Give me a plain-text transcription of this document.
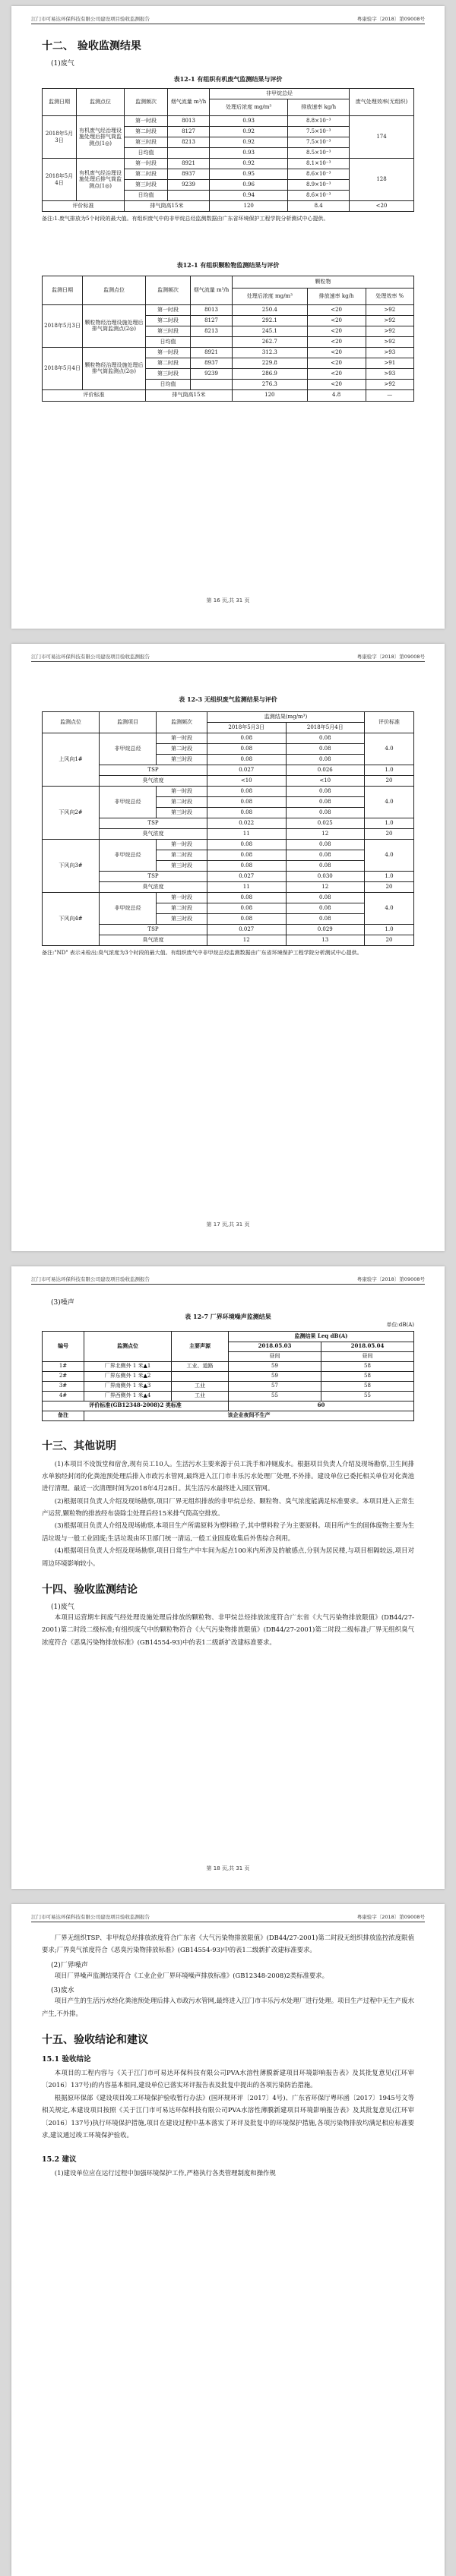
江门市可易达环保科技有限公司建设项目验收监测报告	粤康验字〔2018〕第09008号
十二、 验收监测结果

(1)废气

表12-1 有组织有机废气监测结果与评价

监测日期	监测点位	监测频次	烟气流量 m³/h	非甲烷总烃		废气处理效率(无组织)
				处理后浓度 mg/m³	排放速率 kg/h	
2018年5月3日	有机废气经治理设施处理后排气筒监测点(1◎)	第一时段	8013	0.93	8.8×10⁻³	174
		第二时段	8127	0.92	7.5×10⁻³	
		第三时段	8213	0.92	7.5×10⁻³	
		日均值		0.93	8.5×10⁻³	
2018年5月4日	有机废气经治理设施处理后排气筒监测点(1◎)	第一时段	8921	0.92	8.1×10⁻³	128
		第二时段	8937	0.95	8.6×10⁻³	
		第三时段	9239	0.96	8.9×10⁻³	
		日均值		0.94	8.6×10⁻³	
评价标准		排气筒高15米		120	8.4	<20

备注:1.废气排放为5个时段的最大值。有组织废气中的非甲烷总烃监测数据由广东省环境保护工程学院分析测试中心提供。

表12-1 有组织颗粒物监测结果与评价

监测日期	监测点位	监测频次	烟气流量 m³/h	颗粒物		
				处理后浓度 mg/m³	排放速率 kg/h	处理效率 %
2018年5月3日	颗粒物经治理设施处理后排气筒监测点(2◎)	第一时段	8013	250.4	<20	>92
		第二时段	8127	292.1	<20	>92
		第三时段	8213	245.1	<20	>92
		日均值		262.7	<20	>92
2018年5月4日	颗粒物经治理设施处理后排气筒监测点(2◎)	第一时段	8921	312.3	<20	>93
		第二时段	8937	229.8	<20	>91
		第三时段	9239	286.9	<20	>93
		日均值		276.3	<20	>92
评价标准		排气筒高15米		120	4.8	—
第 16 页,共 31 页
江门市可易达环保科技有限公司建设项目验收监测报告	粤康验字〔2018〕第09008号

表 12-3 无组织废气监测结果与评价

监测点位	监测项目	监测频次	监测结果(mg/m³)		评价标准
			2018年5月3日	2018年5月4日	
上风向1#	非甲烷总烃	第一时段	0.08	0.08	4.0
		第二时段	0.08	0.08	
		第三时段	0.08	0.08	
	TSP		0.027	0.026	1.0
	臭气浓度		<10	<10	20
下风向2#	非甲烷总烃	第一时段	0.08	0.08	4.0
		第二时段	0.08	0.08	
		第三时段	0.08	0.08	
	TSP		0.022	0.025	1.0
	臭气浓度		11	12	20
下风向3#	非甲烷总烃	第一时段	0.08	0.08	4.0
		第二时段	0.08	0.08	
		第三时段	0.08	0.08	
	TSP		0.027	0.030	1.0
	臭气浓度		11	12	20
下风向4#	非甲烷总烃	第一时段	0.08	0.08	4.0
		第二时段	0.08	0.08	
		第三时段	0.08	0.08	
	TSP		0.027	0.029	1.0
	臭气浓度		12	13	20

备注:"ND" 表示未检出;臭气浓度为3个时段的最大值。有组织废气中非甲烷总烃监测数据由广东省环境保护工程学院分析测试中心提供。

第 17 页,共 31 页
江门市可易达环保科技有限公司建设项目验收监测报告	粤康验字〔2018〕第09008号

(3)噪声

表 12-7 厂界环境噪声监测结果

单位:dB(A)

编号	监测点位	主要声源	监测结果 Leq dB(A)	
			2018.05.03	2018.05.04
			昼间	昼间
1#	厂界北侧外 1 米▲1	工业、道路	59	58
2#	厂界东侧外 1 米▲2		59	58
3#	厂界南侧外 1 米▲3	工业	57	58
4#	厂界西侧外 1 米▲4	工业	55	55
评价标准(GB12348-2008)2 类标准			60	
备注	该企业夜间不生产			
十三、其他说明

(1)本项目不设饭堂和宿舍,现有员工10人。生活污水主要来源于员工洗手和冲厕废水。根据项目负责人介绍及现场勘察,卫生间排水单独经封闭的化粪池预处理后排入市政污水管网,最终进入江门市丰乐污水处理厂处理,不外排。建设单位已委托相关单位对化粪池进行清理。最近一次清理时间为2018年4月28日。其生活污水最终进入园区管网。

(2)根据项目负责人介绍及现场勘察,项目厂界无组织排放的非甲烷总烃、颗粒物、臭气浓度能满足标准要求。本项目进入正常生产运营,颗粒物的排放经布袋除尘处理后经15米排气筒高空排放。

(3)根据项目负责人介绍及现场勘察,本项目生产所需原料为塑料粒子,其中塑料粒子为主要原料。项目所产生的固体废物主要为生活垃圾与一般工业固废;生活垃圾由环卫部门统一清运,一般工业固废收集后外售综合利用。

(4)根据项目负责人介绍及现场勘察,项目日常生产中车间为起点100米内所涉及的敏感点,分别为居民楼,与项目相隔较远,项目对周边环境影响较小。

十四、验收监测结论

(1)废气

本项目运营期车间废气经处理设施处理后排放的颗粒物、非甲烷总烃排放浓度符合广东省《大气污染物排放限值》(DB44/27-2001)第二时段二级标准;有组织废气中的颗粒物符合《大气污染物排放限值》(DB44/27-2001)第二时段二级标准;厂界无组织臭气浓度符合《恶臭污染物排放标准》(GB14554-93)中的表1二级新扩改建标准要求。

第 18 页,共 31 页
江门市可易达环保科技有限公司建设项目验收监测报告	粤康验字〔2018〕第09008号

厂界无组织TSP、非甲烷总烃排放浓度符合广东省《大气污染物排放限值》(DB44/27-2001)第二时段无组织排放监控浓度限值要求;厂界臭气浓度符合《恶臭污染物排放标准》(GB14554-93)中的表1二级新扩改建标准要求。

(2)厂界噪声

项目厂界噪声监测结果符合《工业企业厂界环境噪声排放标准》(GB12348-2008)2类标准要求。

(3)废水

项目产生的生活污水经化粪池预处理后排入市政污水管网,最终进入江门市丰乐污水处理厂进行处理。项目生产过程中无生产废水产生,不外排。

十五、验收结论和建议
15.1 验收结论

本项目的工程内容与《关于江门市可易达环保科技有限公司PVA水溶性薄膜新建项目环境影响报告表》及其批复意见(江环审〔2016〕137号)的内容基本相同,建设单位已落实环评报告表及批复中提出的各项污染防治措施。

根据原环保部《建设项目竣工环境保护验收暂行办法》(国环规环评〔2017〕4号)、广东省环保厅粤环函〔2017〕1945号文等相关规定,本建设项目按照《关于江门市可易达环保科技有限公司PVA水溶性薄膜新建项目环境影响报告表》及其批复意见(江环审〔2016〕137号)执行环境保护措施,项目在建设过程中基本落实了环评及批复中的环境保护措施,各项污染物排放均满足相应标准要求,建议通过竣工环境保护验收。

15.2 建议

(1)建设单位应在运行过程中加强环境保护工作,严格执行各类管理制度和操作规
